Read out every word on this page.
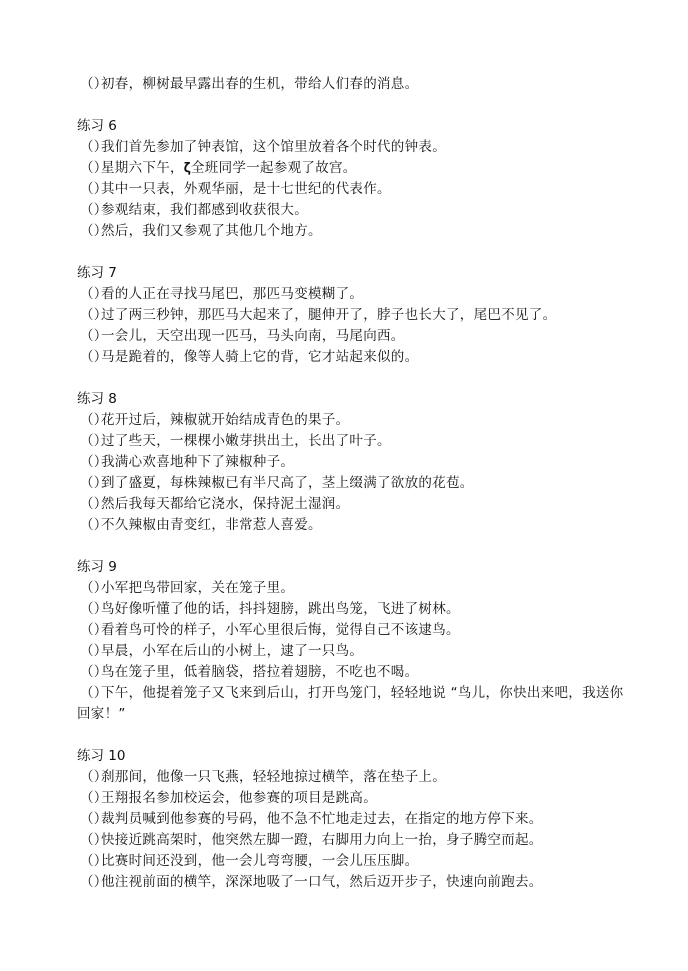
（）初春，柳树最早露出春的生机，带给人们春的消息。
练习 6
（）我们首先参加了钟表馆，这个馆里放着各个时代的钟表。
（）星期六下午，𝛇全班同学一起参观了故宫。
（）其中一只表，外观华丽，是十七世纪的代表作。
（）参观结束，我们都感到收获很大。
（）然后，我们又参观了其他几个地方。
练习 7
（）看的人正在寻找马尾巴，那匹马变模糊了。
（）过了两三秒钟，那匹马大起来了，腿伸开了，脖子也长大了，尾巴不见了。
（）一会儿，天空出现一匹马，马头向南，马尾向西。
（）马是跪着的，像等人骑上它的背，它才站起来似的。
练习 8
（）花开过后，辣椒就开始结成青色的果子。
（）过了些天，一棵棵小嫩芽拱出土，长出了叶子。
（）我满心欢喜地种下了辣椒种子。
（）到了盛夏，每株辣椒已有半尺高了，茎上缀满了欲放的花苞。
（）然后我每天都给它浇水，保持泥土湿润。
（）不久辣椒由青变红，非常惹人喜爱。
练习 9
（）小军把鸟带回家，关在笼子里。
（）鸟好像听懂了他的话，抖抖翅膀，跳出鸟笼，飞进了树林。
（）看着鸟可怜的样子，小军心里很后悔，觉得自己不该逮鸟。
（）早晨，小军在后山的小树上，逮了一只鸟。
（）鸟在笼子里，低着脑袋，搭拉着翅膀，不吃也不喝。
（）下午，他提着笼子又飞来到后山，打开鸟笼门，轻轻地说 “鸟儿，你快出来吧，我送你回家！”
练习 10
（）刹那间，他像一只飞燕，轻轻地掠过横竿，落在垫子上。
（）王翔报名参加校运会，他参赛的项目是跳高。
（）裁判员喊到他参赛的号码，他不急不忙地走过去，在指定的地方停下来。
（）快接近跳高架时，他突然左脚一蹬，右脚用力向上一抬，身子腾空而起。
（）比赛时间还没到，他一会儿弯弯腰，一会儿压压脚。
（）他注视前面的横竿，深深地吸了一口气，然后迈开步子，快速向前跑去。
